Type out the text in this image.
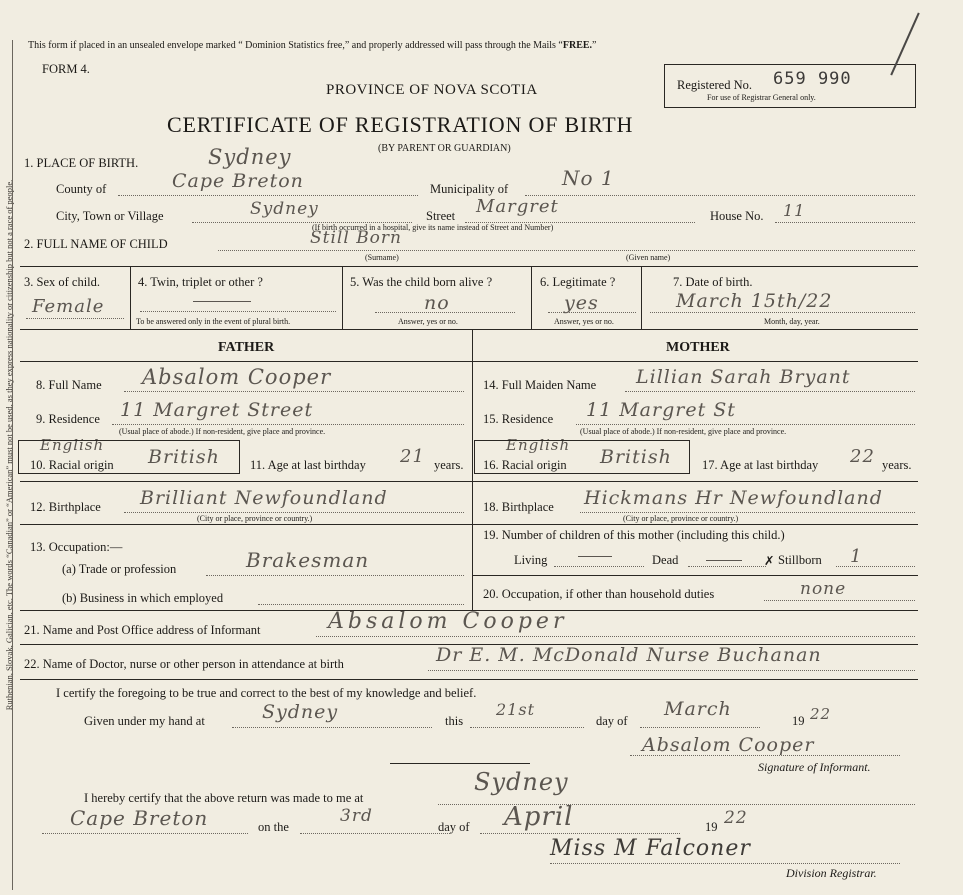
Ruthenian, Slovak, Galician, etc. The words “Canadian” or “American” must not be used, as they express nationality or citizenship but not a race of people.
This form if placed in an unsealed envelope marked “ Dominion Statistics free,” and properly addressed will pass through the Mails “FREE.”
FORM 4.
PROVINCE OF NOVA SCOTIA	Registered No. 659 990
For use of Registrar General only.
CERTIFICATE OF REGISTRATION OF BIRTH
(BY PARENT OR GUARDIAN)
1. PLACE OF BIRTH.	Sydney
County of	Cape Breton	Municipality of	No 1
City, Town or Village	Sydney	Street Margret	House No. 11
(If birth occurred in a hospital, give its name instead of Street and Number)
2. FULL NAME OF CHILD	Still Born
(Surname)	(Given name)
3. Sex of child.
Female
4. Twin, triplet or other ?
To be answered only in the event of plural birth.
5. Was the child born alive ?
no
Answer, yes or no.
6. Legitimate ?
yes
Answer, yes or no.
7. Date of birth.
March 15th/22
Month, day, year.
FATHER	MOTHER
8. Full Name Absalom Cooper	14. Full Maiden Name Lillian Sarah Bryant
9. Residence 11 Margret Street
(Usual place of abode.) If non-resident, give place and province.
15. Residence 11 Margret St
(Usual place of abode.) If non-resident, give place and province.
English
10. Racial origin British 11. Age at last birthday 21 years.
English
16. Racial origin British 17. Age at last birthday 22 years.
12. Birthplace Brilliant Newfoundland
(City or place, province or country.)
18. Birthplace Hickmans Hr Newfoundland
(City or place, province or country.)
13. Occupation:—
(a) Trade or profession	Brakesman
(b) Business in which employed
19. Number of children of this mother (including this child.)
Living	Dead	✗ Stillborn 1
20. Occupation, if other than household duties	none
21. Name and Post Office address of Informant	Absalom Cooper
22. Name of Doctor, nurse or other person in attendance at birth	Dr E. M. McDonald Nurse Buchanan
I certify the foregoing to be true and correct to the best of my knowledge and belief.
Given under my hand at	Sydney	this
21st
day of
March
19 22
Absalom Cooper
Signature of Informant.
I hereby certify that the above return was made to me at
Sydney
Cape Breton	on the
3rd
day of April	19 22
Miss M Falconer
Division Registrar.
